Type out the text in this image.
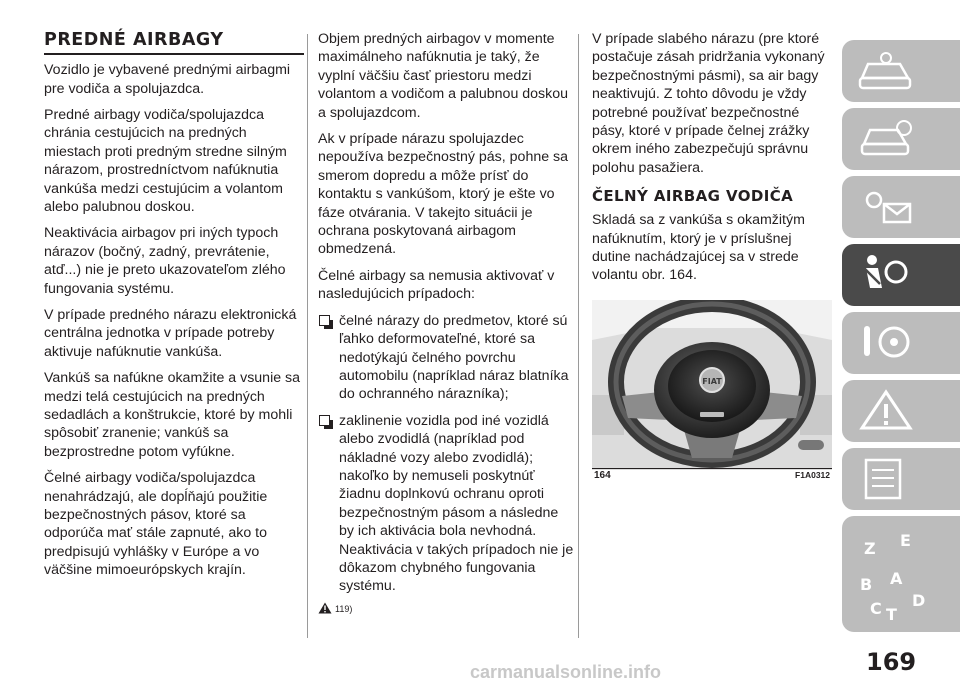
PREDNÉ AIRBAGY

Vozidlo je vybavené prednými airbagmi pre vodiča a spolujazdca.

Predné airbagy vodiča/spolujazdca chránia cestujúcich na predných miestach proti predným stredne silným nárazom, prostredníctvom nafúknutia vankúša medzi cestujúcim a volantom alebo palubnou doskou.

Neaktivácia airbagov pri iných typoch nárazov (bočný, zadný, prevrátenie, atď...) nie je preto ukazovateľom zlého fungovania systému.

V prípade predného nárazu elektronická centrálna jednotka v prípade potreby aktivuje nafúknutie vankúša.

Vankúš sa nafúkne okamžite a vsunie sa medzi telá cestujúcich na predných sedadlách a konštrukcie, ktoré by mohli spôsobiť zranenie; vankúš sa bezprostredne potom vyfúkne.

Čelné airbagy vodiča/spolujazdca nenahrádzajú, ale dopĺňajú použitie bezpečnostných pásov, ktoré sa odporúča mať stále zapnuté, ako to predpisujú vyhlášky v Európe a vo väčšine mimoeurópskych krajín.

Objem predných airbagov v momente maximálneho nafúknutia je taký, že vyplní väčšiu časť priestoru medzi volantom a vodičom a palubnou doskou a spolujazdcom.

Ak v prípade nárazu spolujazdec nepoužíva bezpečnostný pás, pohne sa smerom dopredu a môže prísť do kontaktu s vankúšom, ktorý je ešte vo fáze otvárania. V takejto situácii je ochrana poskytovaná airbagom obmedzená.

Čelné airbagy sa nemusia aktivovať v nasledujúcich prípadoch:

čelné nárazy do predmetov, ktoré sú ľahko deformovateľné, ktoré sa nedotýkajú čelného povrchu automobilu (napríklad náraz blatníka do ochranného nárazníka);
zaklinenie vozidla pod iné vozidlá alebo zvodidlá (napríklad pod nákladné vozy alebo zvodidlá); nakoľko by nemuseli poskytnúť žiadnu doplnkovú ochranu oproti bezpečnostným pásom a následne by ich aktivácia bola nevhodná. Neaktivácia v takých prípadoch nie je dôkazom chybného fungovania systému.
119)

V prípade slabého nárazu (pre ktoré postačuje zásah pridržania vykonaný bezpečnostnými pásmi), sa air bagy neaktivujú. Z tohto dôvodu je vždy potrebné používať bezpečnostné pásy, ktoré v prípade čelnej zrážky okrem iného zabezpečujú správnu polohu pasažiera.

ČELNÝ AIRBAG VODIČA

Skladá sa z vankúša s okamžitým nafúknutím, ktorý je v príslušnej dutine nachádzajúcej sa v strede volantu obr. 164.

FIAT
164	F1A0312
Z E
B A
C D
T
169
carmanualsonline.info
